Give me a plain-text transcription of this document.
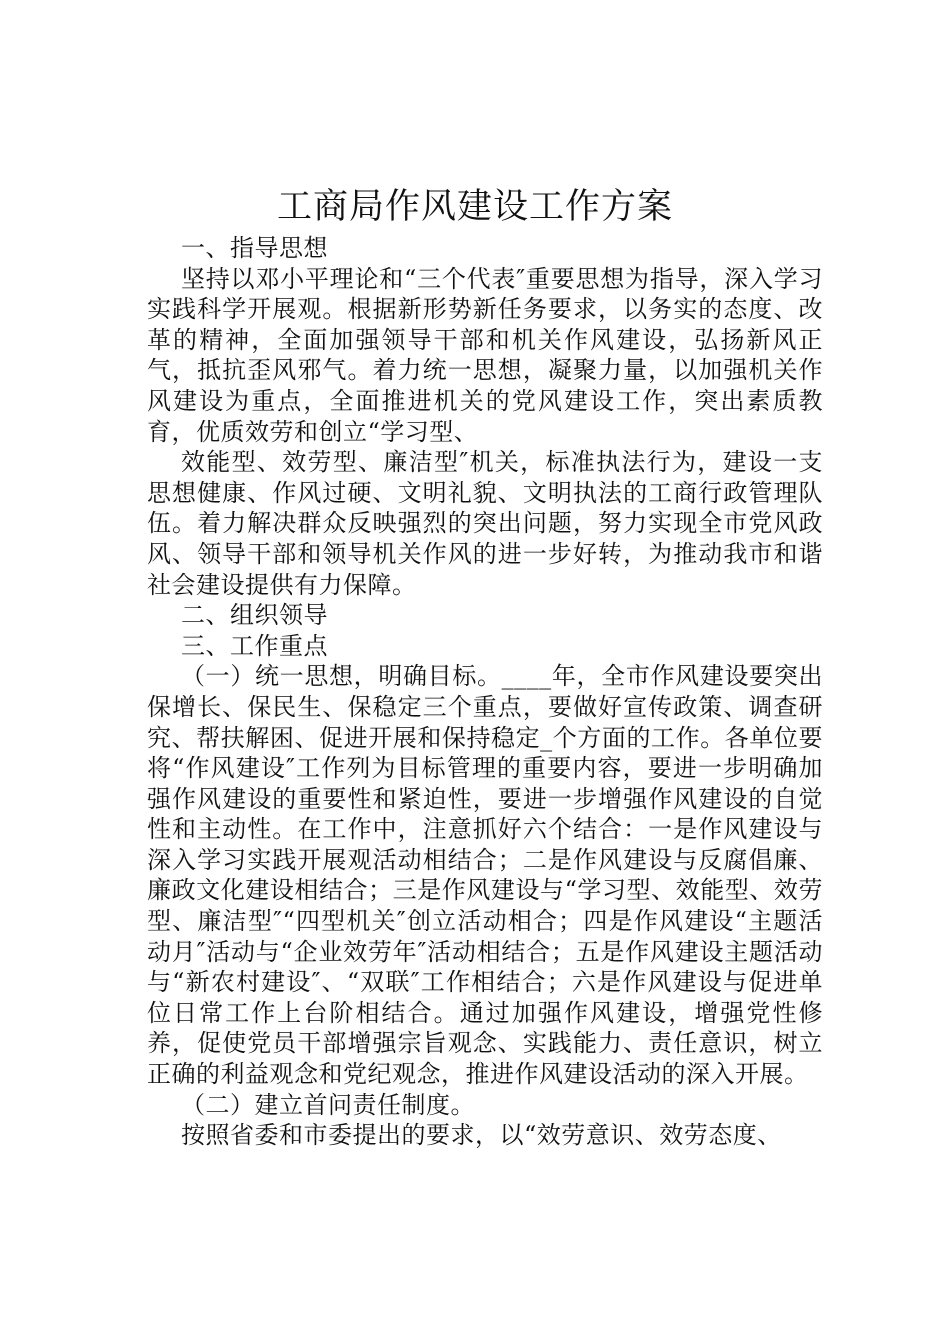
工商局作风建设工作方案

一、指导思想

坚持以邓小平理论和“三个代表″重要思想为指导，深入学习实践科学开展观。根据新形势新任务要求，以务实的态度、改革的精神，全面加强领导干部和机关作风建设，弘扬新风正气，抵抗歪风邪气。着力统一思想，凝聚力量，以加强机关作风建设为重点，全面推进机关的党风建设工作，突出素质教育，优质效劳和创立“学习型、

效能型、效劳型、廉洁型″机关，标准执法行为，建设一支思想健康、作风过硬、文明礼貌、文明执法的工商行政管理队伍。着力解决群众反映强烈的突出问题，努力实现全市党风政风、领导干部和领导机关作风的进一步好转，为推动我市和谐社会建设提供有力保障。

二、组织领导

三、工作重点

（一）统一思想，明确目标。____年，全市作风建设要突出保增长、保民生、保稳定三个重点，要做好宣传政策、调查研究、帮扶解困、促进开展和保持稳定_个方面的工作。各单位要将“作风建设″工作列为目标管理的重要内容，要进一步明确加强作风建设的重要性和紧迫性，要进一步增强作风建设的自觉性和主动性。在工作中，注意抓好六个结合：一是作风建设与深入学习实践开展观活动相结合；二是作风建设与反腐倡廉、廉政文化建设相结合；三是作风建设与“学习型、效能型、效劳型、廉洁型″“四型机关″创立活动相合；四是作风建设“主题活动月″活动与“企业效劳年″活动相结合；五是作风建设主题活动与“新农村建设″、“双联″工作相结合；六是作风建设与促进单位日常工作上台阶相结合。通过加强作风建设，增强党性修养，促使党员干部增强宗旨观念、实践能力、责任意识，树立正确的利益观念和党纪观念，推进作风建设活动的深入开展。

（二）建立首问责任制度。

按照省委和市委提出的要求，以“效劳意识、效劳态度、
